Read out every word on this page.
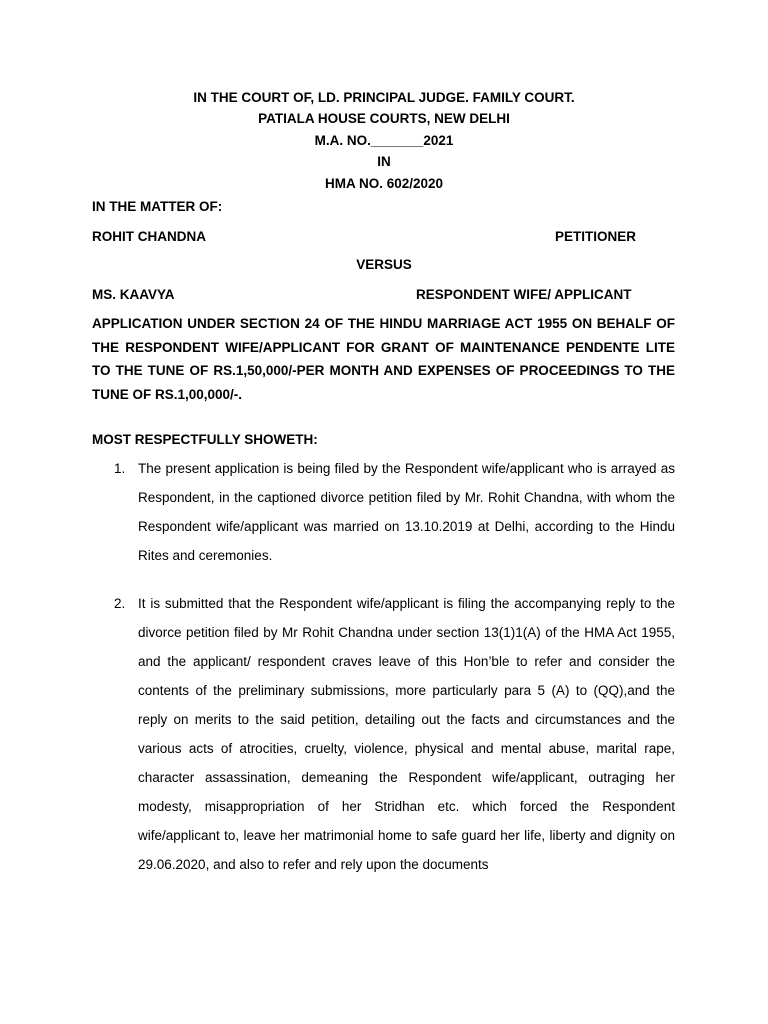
IN THE COURT OF, LD. PRINCIPAL JUDGE. FAMILY COURT.
PATIALA HOUSE COURTS, NEW DELHI
M.A. NO._______2021
IN
HMA NO. 602/2020
IN THE MATTER OF:
ROHIT CHANDNA	PETITIONER
VERSUS
MS. KAAVYA	RESPONDENT WIFE/ APPLICANT
APPLICATION UNDER SECTION 24 OF THE HINDU MARRIAGE ACT 1955 ON BEHALF OF THE RESPONDENT WIFE/APPLICANT FOR GRANT OF MAINTENANCE PENDENTE LITE TO THE TUNE OF RS.1,50,000/-PER MONTH AND EXPENSES OF PROCEEDINGS TO THE TUNE OF RS.1,00,000/-.
MOST RESPECTFULLY SHOWETH:
1. The present application is being filed by the Respondent wife/applicant who is arrayed as Respondent, in the captioned divorce petition filed by Mr. Rohit Chandna, with whom the Respondent wife/applicant was married on 13.10.2019 at Delhi, according to the Hindu Rites and ceremonies.
2. It is submitted that the Respondent wife/applicant is filing the accompanying reply to the divorce petition filed by Mr Rohit Chandna under section 13(1)1(A) of the HMA Act 1955, and the applicant/ respondent craves leave of this Hon’ble to refer and consider the contents of the preliminary submissions, more particularly para 5 (A) to (QQ),and the reply on merits to the said petition, detailing out the facts and circumstances and the various acts of atrocities, cruelty, violence, physical and mental abuse, marital rape, character assassination, demeaning the Respondent wife/applicant, outraging her modesty, misappropriation of her Stridhan etc. which forced the Respondent wife/applicant to, leave her matrimonial home to safe guard her life, liberty and dignity on 29.06.2020, and also to refer and rely upon the documents
